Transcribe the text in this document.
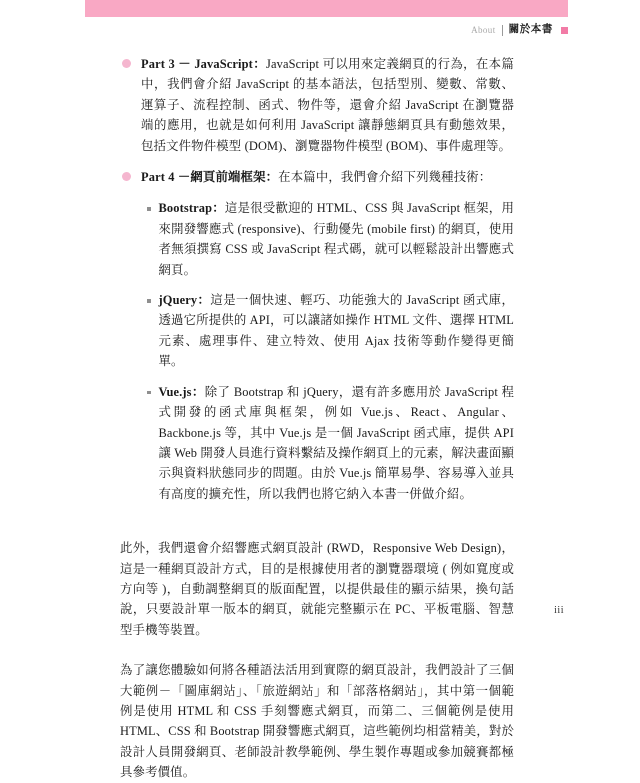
About 關於本書

Part 3 － JavaScript：JavaScript 可以用來定義網頁的行為，在本篇中，我們會介紹 JavaScript 的基本語法，包括型別、變數、常數、運算子、流程控制、函式、物件等，還會介紹 JavaScript 在瀏覽器端的應用，也就是如何利用 JavaScript 讓靜態網頁具有動態效果，包括文件物件模型 (DOM)、瀏覽器物件模型 (BOM)、事件處理等。

Part 4 －網頁前端框架：在本篇中，我們會介紹下列幾種技術：

Bootstrap：這是很受歡迎的 HTML、CSS 與 JavaScript 框架，用來開發響應式 (responsive)、行動優先 (mobile first) 的網頁，使用者無須撰寫 CSS 或 JavaScript 程式碼，就可以輕鬆設計出響應式網頁。

jQuery：這是一個快速、輕巧、功能強大的 JavaScript 函式庫，透過它所提供的 API，可以讓諸如操作 HTML 文件、選擇 HTML 元素、處理事件、建立特效、使用 Ajax 技術等動作變得更簡單。

Vue.js：除了 Bootstrap 和 jQuery，還有許多應用於 JavaScript 程式開發的函式庫與框架，例如 Vue.js、React、Angular、Backbone.js 等，其中 Vue.js 是一個 JavaScript 函式庫，提供 API 讓 Web 開發人員進行資料繫結及操作網頁上的元素，解決畫面顯示與資料狀態同步的問題。由於 Vue.js 簡單易學、容易導入並具有高度的擴充性，所以我們也將它納入本書一併做介紹。

此外，我們還會介紹響應式網頁設計 (RWD，Responsive Web Design)，這是一種網頁設計方式，目的是根據使用者的瀏覽器環境 ( 例如寬度或方向等 )，自動調整網頁的版面配置，以提供最佳的顯示結果，換句話說，只要設計單一版本的網頁，就能完整顯示在 PC、平板電腦、智慧型手機等裝置。

為了讓您體驗如何將各種語法活用到實際的網頁設計，我們設計了三個大範例－「圖庫網站」、「旅遊網站」和「部落格網站」，其中第一個範例是使用 HTML 和 CSS 手刻響應式網頁，而第二、三個範例是使用 HTML、CSS 和 Bootstrap 開發響應式網頁，這些範例均相當精美，對於設計人員開發網頁、老師設計教學範例、學生製作專題或參加競賽都極具參考價值。

iii
